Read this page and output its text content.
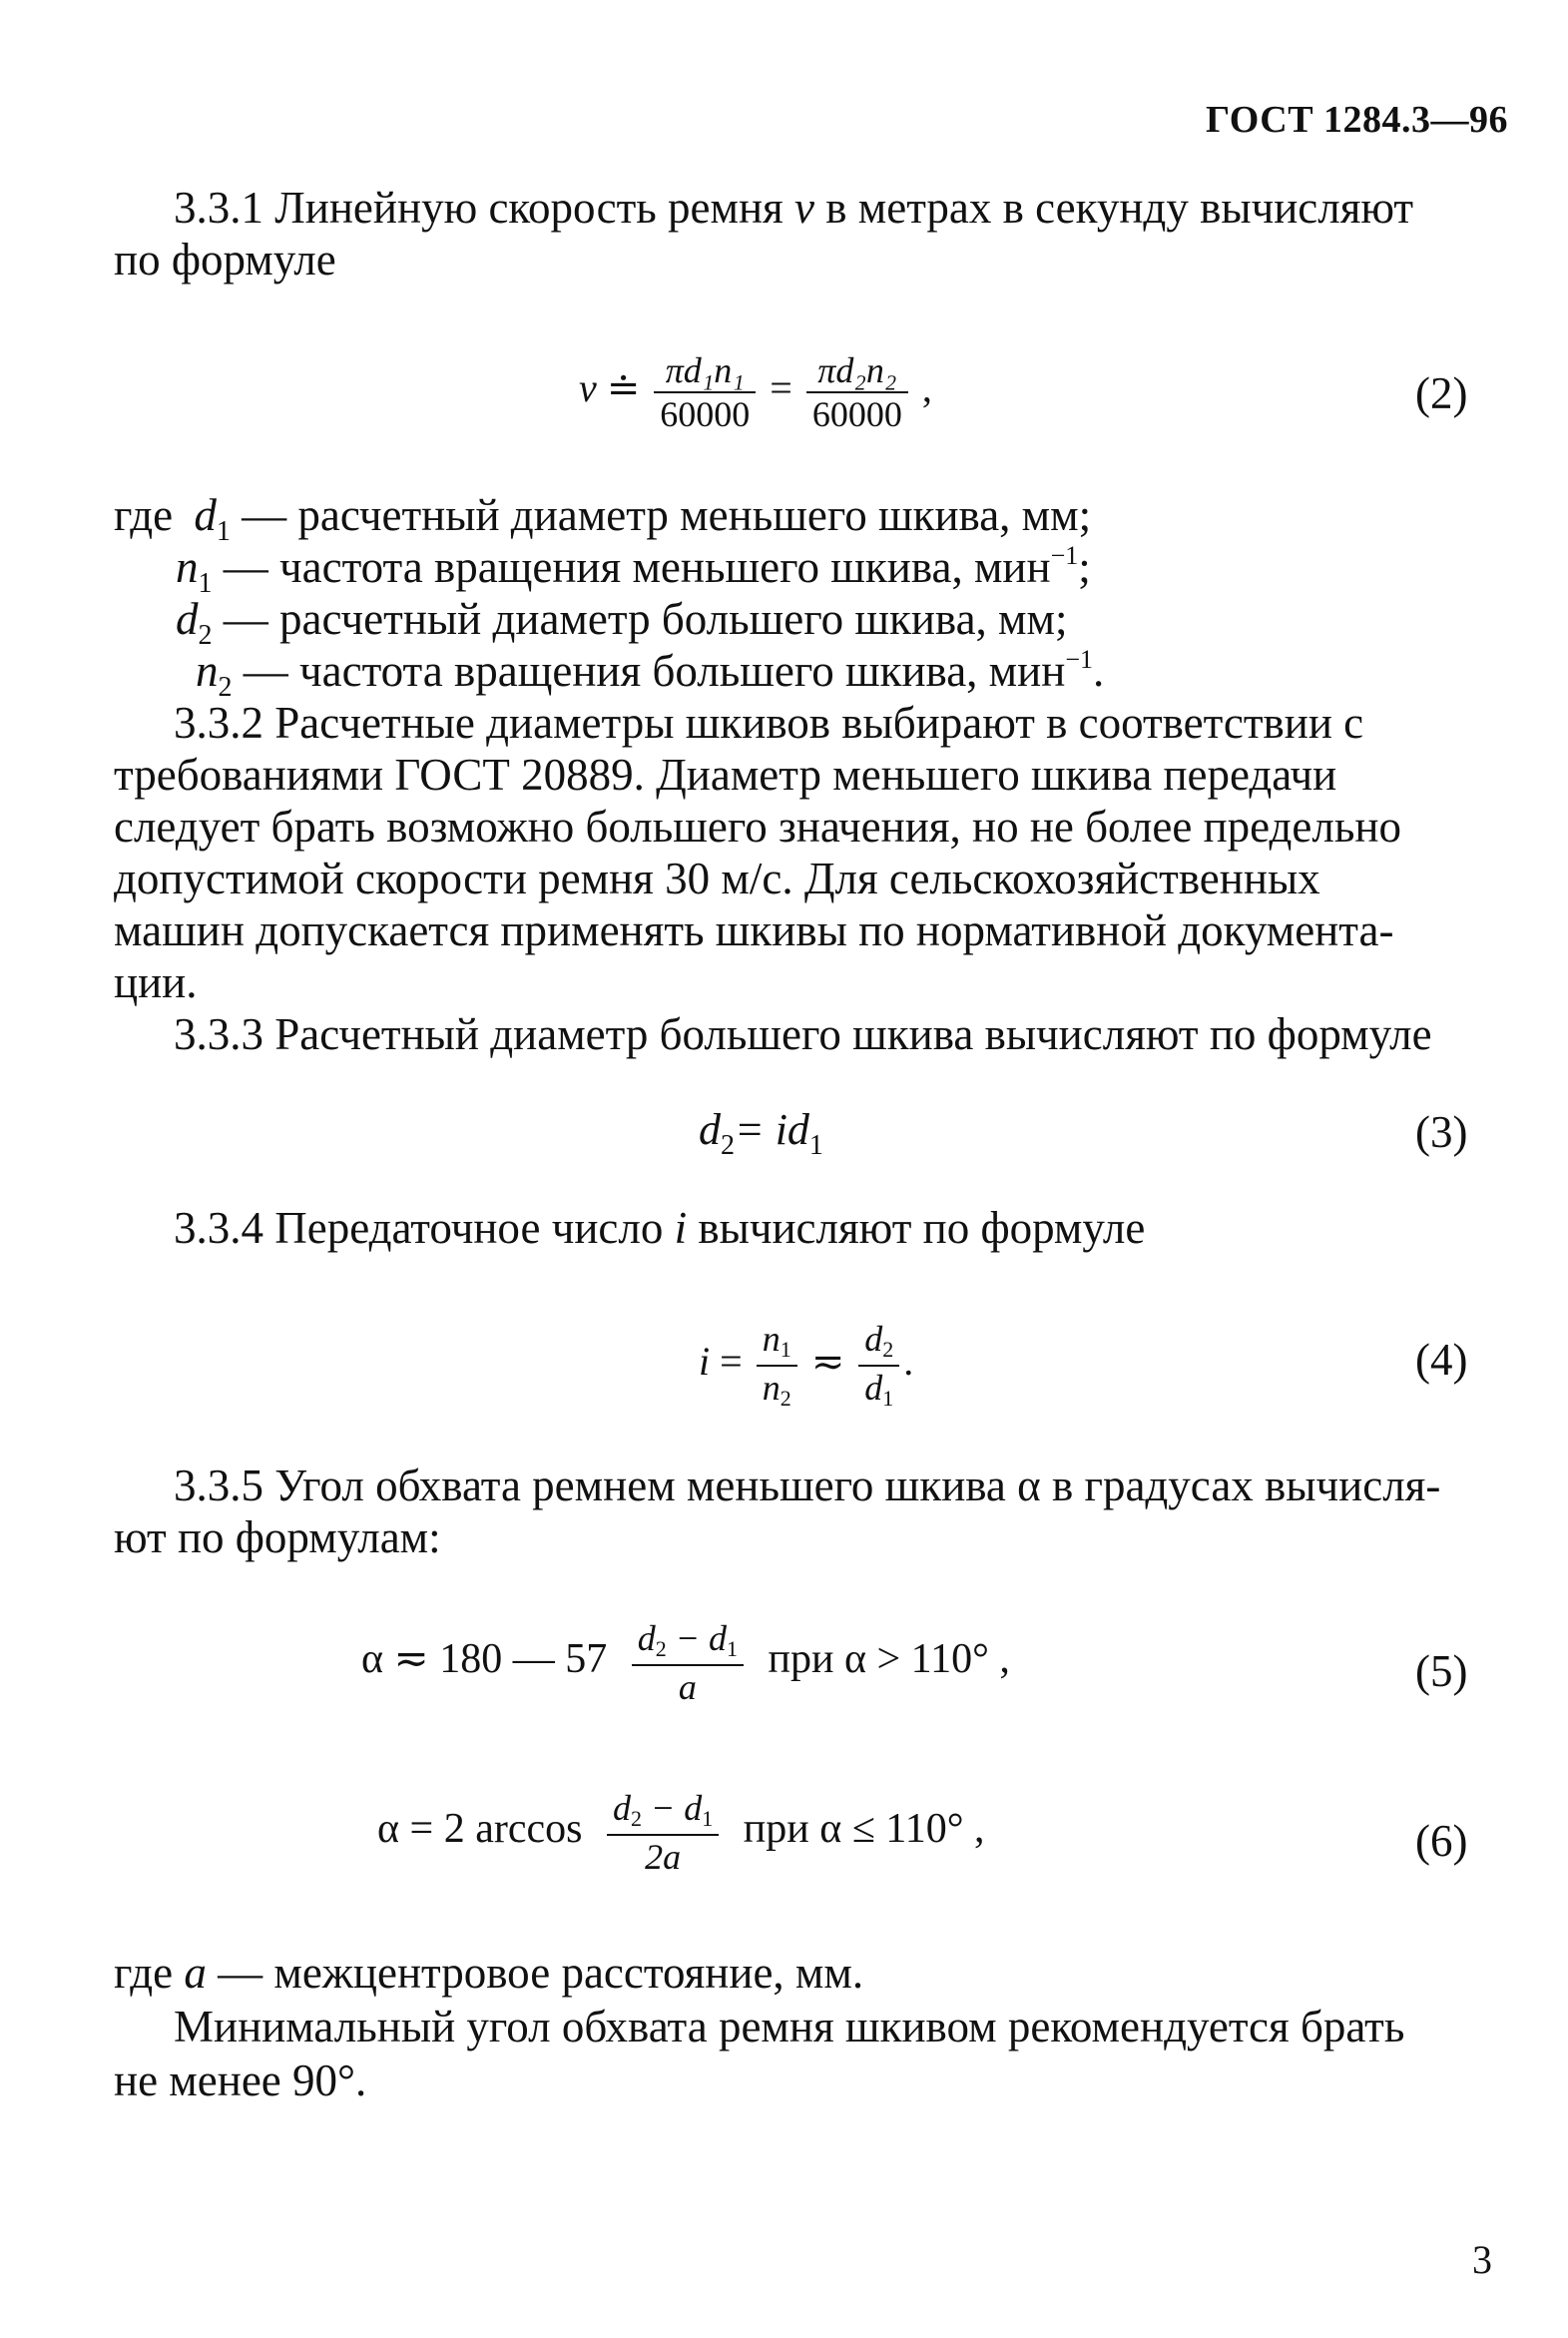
ГОСТ 1284.3—96
3.3.1 Линейную скорость ремня v в метрах в секунду вычисляют
по формуле
v ≐ $\frac{\text{πd₁n₁}}{60000} = \frac{\text{πd₂n₂}}{60000}$ ,	(2)
где $d_1$ — расчетный диаметр меньшего шкива, мм;
$n_1$ — частота вращения меньшего шкива, мин$^{-1}$;
$d_2$ — расчетный диаметр большего шкива, мм;
$n_2$ — частота вращения большего шкива, мин$^{-1}$.
3.3.2 Расчетные диаметры шкивов выбирают в соответствии с
требованиями ГОСТ 20889. Диаметр меньшего шкива передачи
следует брать возможно большего значения, но не более предельно
допустимой скорости ремня 30 м/с. Для сельскохозяйственных
машин допускается применять шкивы по нормативной документа-
ции.
3.3.3 Расчетный диаметр большего шкива вычисляют по формуле
$d_2= id_1$	(3)
3.3.4 Передаточное число i вычисляют по формуле
$i = \frac{n1}{n2}$ ≂ $\frac{d2}{d1}$ .	(4)
3.3.5 Угол обхвата ремнем меньшего шкива α в градусах вычисля-
ют по формулам:
α ≂ 180 — $57 \frac{d2 - d1}{a}$ при α > 110° ,	(5)
α = 2 $\arccos \frac{d2 - d1}{2a}$ при α ≤ 110° ,	(6)
где a — межцентровое расстояние, мм.
Минимальный угол обхвата ремня шкивом рекомендуется брать
не менее 90°.
3
